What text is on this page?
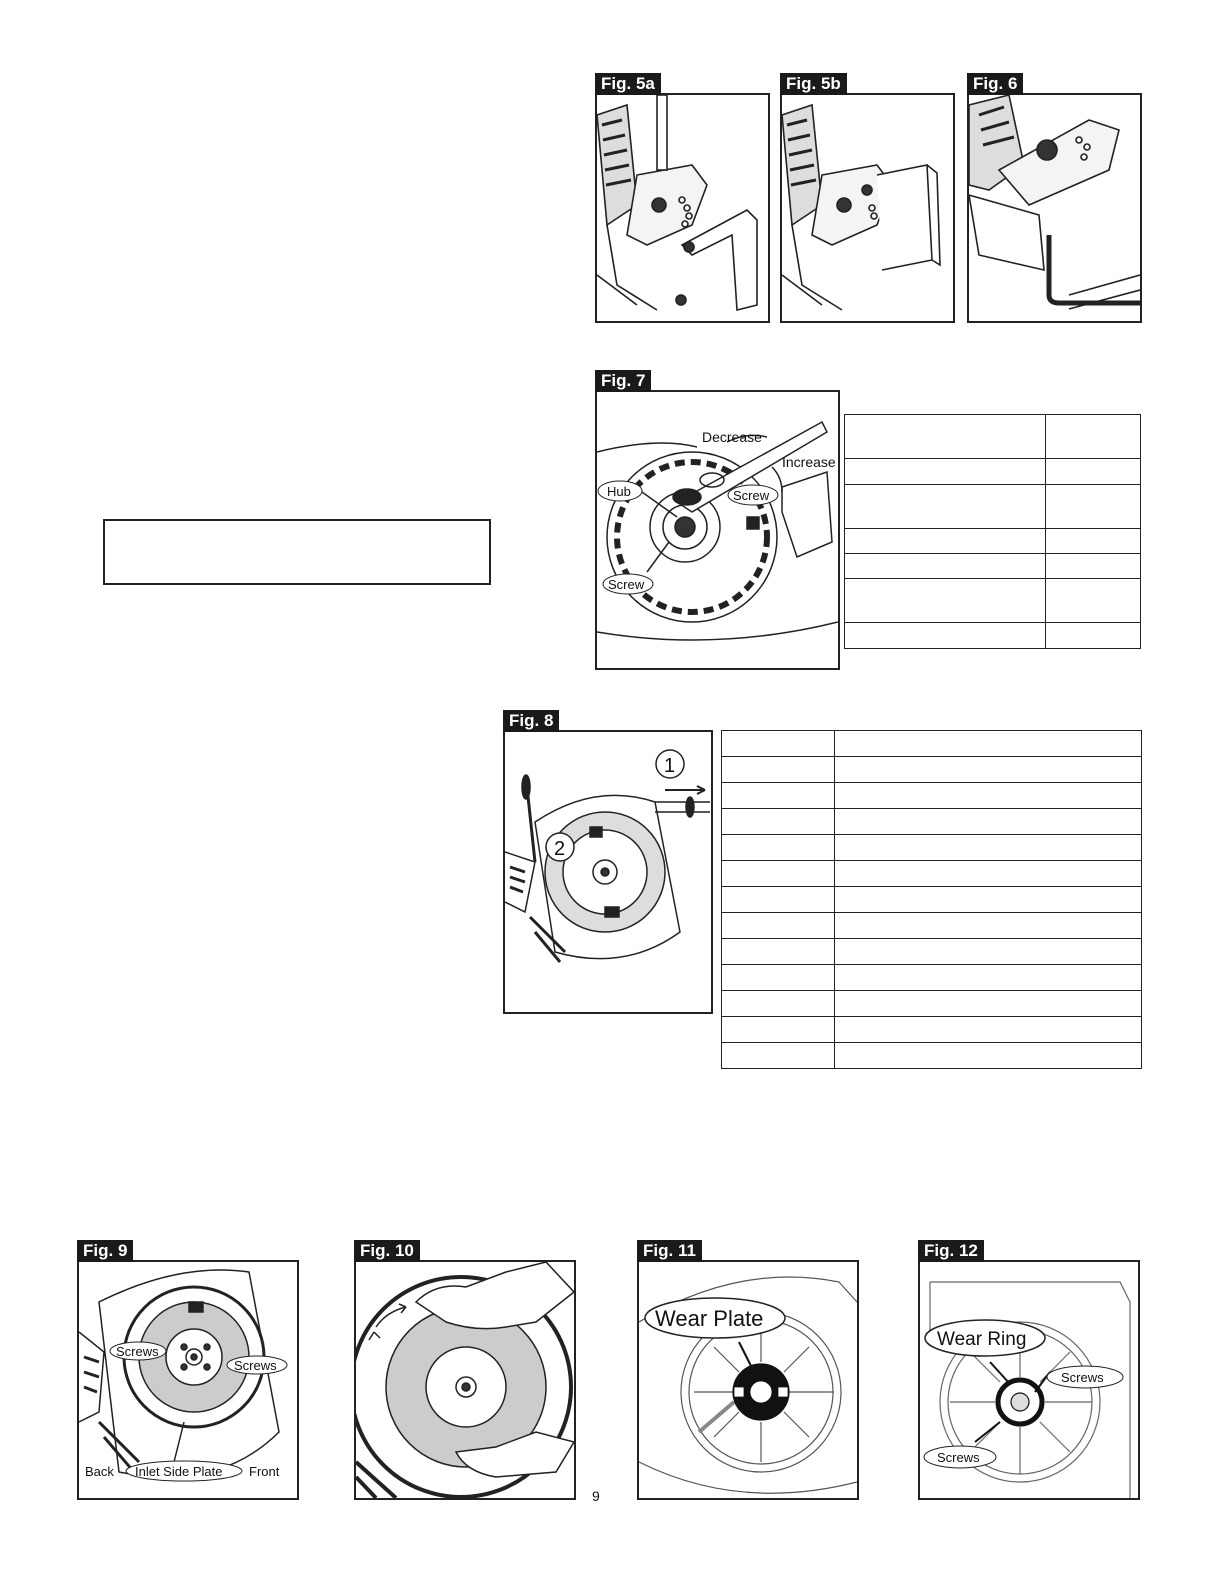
Fig. 5a	Fig. 5b	Fig. 6
Fig. 7
Decrease
Increase
Hub	Screw
Screw

Fig. 8
1
2

Fig. 9
Screws
Screws
Back Inlet Side Plate Front
Fig. 10	Fig. 11
Wear Plate
Fig. 12
Wear Ring
Screws
Screws
9
